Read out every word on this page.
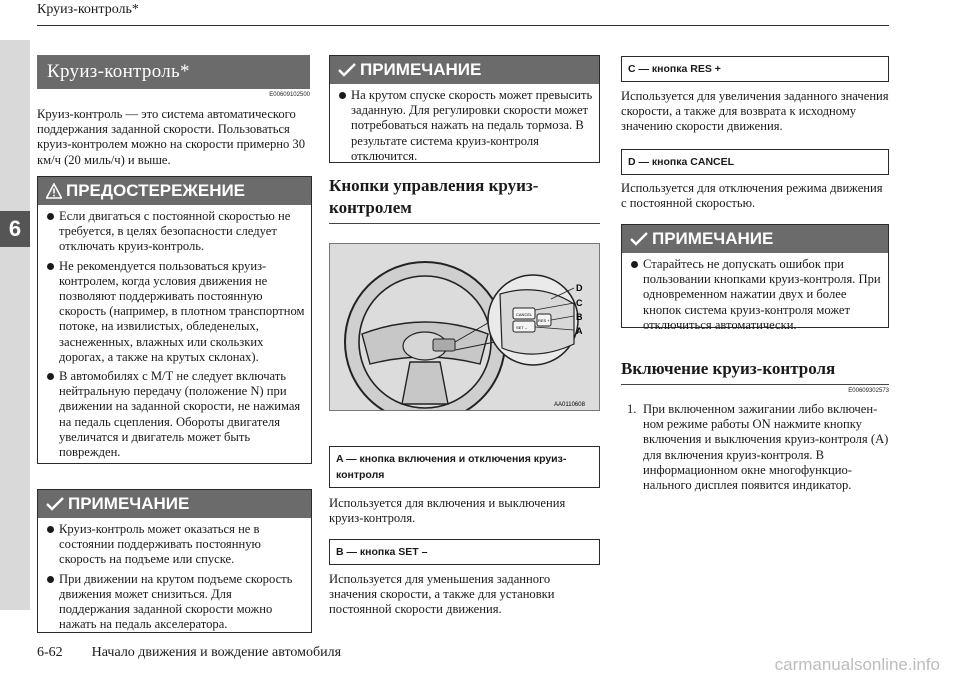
Круиз-контроль*
6
Круиз-контроль*
E00609102500
Круиз-контроль — это система автоматического поддержания заданной скорости. Пользоваться круиз-контролем можно на скорости примерно 30 км/ч (20 миль/ч) и выше.
ПРЕДОСТЕРЕЖЕНИЕ
Если двигаться с постоянной скоростью не требуется, в целях безопасности следует отключать круиз-контроль.
Не рекомендуется пользоваться круиз-контролем, когда условия движения не позволяют поддерживать постоянную скорость (например, в плотном транспортном потоке, на извилистых, обледенелых, заснеженных, влажных или скользких дорогах, а также на крутых склонах).
В автомобилях с М/Т не следует включать нейтральную передачу (положение N) при движении на заданной скорости, не нажимая на педаль сцепления. Обороты двигателя увеличатся и двигатель может быть поврежден.
ПРИМЕЧАНИЕ
Круиз-контроль может оказаться не в состоянии поддерживать постоянную скорость на подъеме или спуске.
При движении на крутом подъеме скорость движения может снизиться. Для поддержания заданной скорости можно нажать на педаль акселератора.
ПРИМЕЧАНИЕ
На крутом спуске скорость может превысить заданную. Для регулировки скорости может потребоваться нажать на педаль тормоза. В результате система круиз-контроля отключится.
Кнопки управления круиз-контролем
CANCEL
SET –
RES +
D
C
B
A
AA0110608
A — кнопка включения и отключения круиз-контроля
Используется для включения и выключения круиз-контроля.
B — кнопка SET –
Используется для уменьшения заданного значения скорости, а также для установки постоянной скорости движения.
C — кнопка RES +
Используется для увеличения заданного значения скорости, а также для возврата к исходному значению скорости движения.
D — кнопка CANCEL
Используется для отключения режима движения с постоянной скоростью.
ПРИМЕЧАНИЕ
Старайтесь не допускать ошибок при пользовании кнопками круиз-контроля. При одновременном нажатии двух и более кнопок система круиз-контроля может отключиться автоматически.
Включение круиз-контроля
E00609302573
1. При включенном зажигании либо включен-ном режиме работы ON нажмите кнопку включения и выключения круиз-контроля (A) для включения круиз-контроля. В информационном окне многофункцио-нального дисплея появится индикатор.
6-62 Начало движения и вождение автомобиля
carmanualsonline.info
